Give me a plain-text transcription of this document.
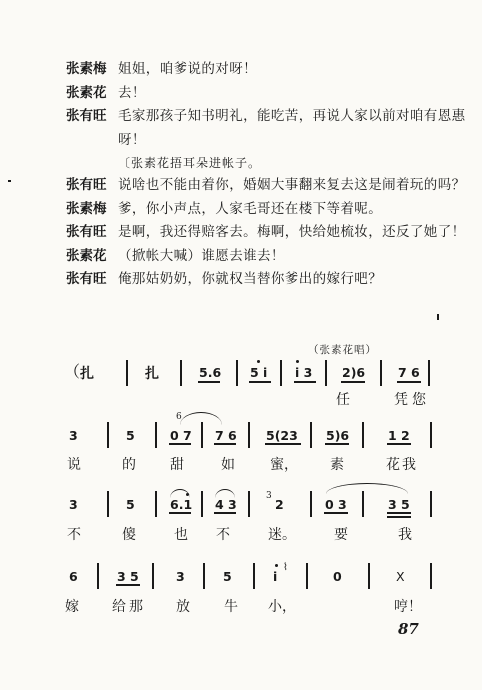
张素梅 姐姐，咱爹说的对呀！
张素花 去！
张有旺 毛家那孩子知书明礼，能吃苦，再说人家以前对咱有恩惠呀！
〔张素花捂耳朵进帐子。
张有旺 说啥也不能由着你，婚姻大事翻来复去这是闹着玩的吗？
张素梅 爹，你小声点，人家毛哥还在楼下等着呢。
张有旺 是啊，我还得赔客去。梅啊，快给她梳妆，还反了她了！
张素花 （掀帐大喊）谁愿去谁去！
张有旺 俺那姑奶奶，你就权当替你爹出的嫁行吧？
（张素花唱）
（ 扎	扎	5.6 5 i i 3 2)6	7 6
任	凭您
3	5	0 7 7 6 5(23 5)6	1 2
6
说	的 甜	如	蜜， 素	花我
3	5	6.1 4 3	2	0 3	3 5
3
不	傻	也 不	迷。	要	我
6	3 5	3	5	i	0	X
⌇
嫁 给那 放 牛 小，	哼！
87
